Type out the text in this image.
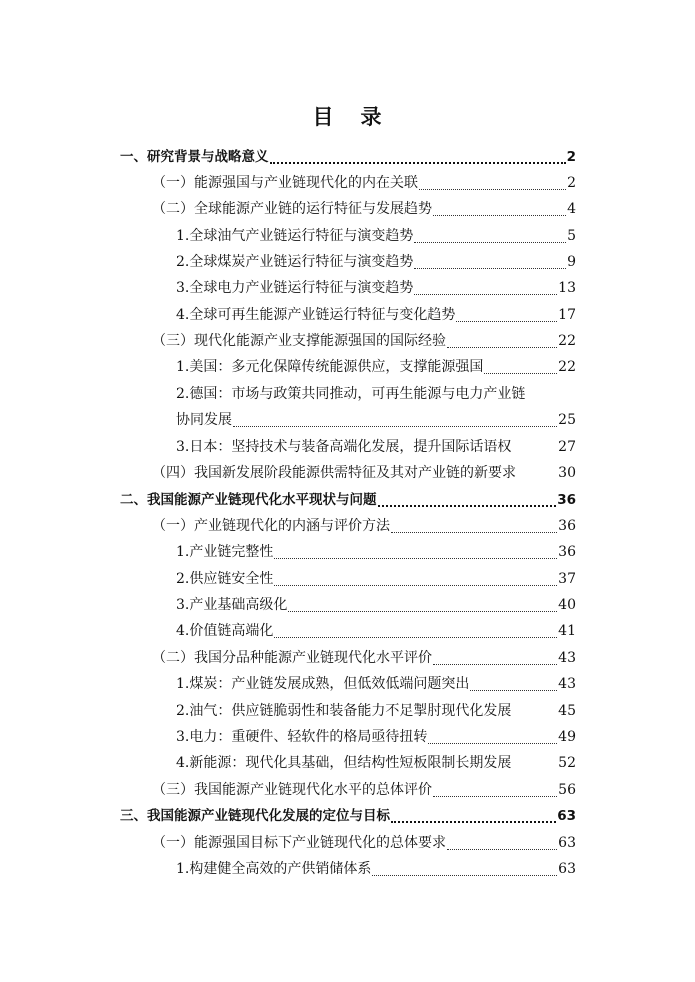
目 录
一、研究背景与战略意义	2
（一）能源强国与产业链现代化的内在关联	2
（二）全球能源产业链的运行特征与发展趋势	4
1.全球油气产业链运行特征与演变趋势	5
2.全球煤炭产业链运行特征与演变趋势	9
3.全球电力产业链运行特征与演变趋势	13
4.全球可再生能源产业链运行特征与变化趋势	17
（三）现代化能源产业支撑能源强国的国际经验	22
1.美国：多元化保障传统能源供应，支撑能源强国	22
2.德国：市场与政策共同推动，可再生能源与电力产业链
协同发展	25
3.日本：坚持技术与装备高端化发展，提升国际话语权	27
（四）我国新发展阶段能源供需特征及其对产业链的新要求	30
二、我国能源产业链现代化水平现状与问题	36
（一）产业链现代化的内涵与评价方法	36
1.产业链完整性	36
2.供应链安全性	37
3.产业基础高级化	40
4.价值链高端化	41
（二）我国分品种能源产业链现代化水平评价	43
1.煤炭：产业链发展成熟，但低效低端问题突出	43
2.油气：供应链脆弱性和装备能力不足掣肘现代化发展	45
3.电力：重硬件、轻软件的格局亟待扭转	49
4.新能源：现代化具基础，但结构性短板限制长期发展	52
（三）我国能源产业链现代化水平的总体评价	56
三、我国能源产业链现代化发展的定位与目标	63
（一）能源强国目标下产业链现代化的总体要求	63
1.构建健全高效的产供销储体系	63
